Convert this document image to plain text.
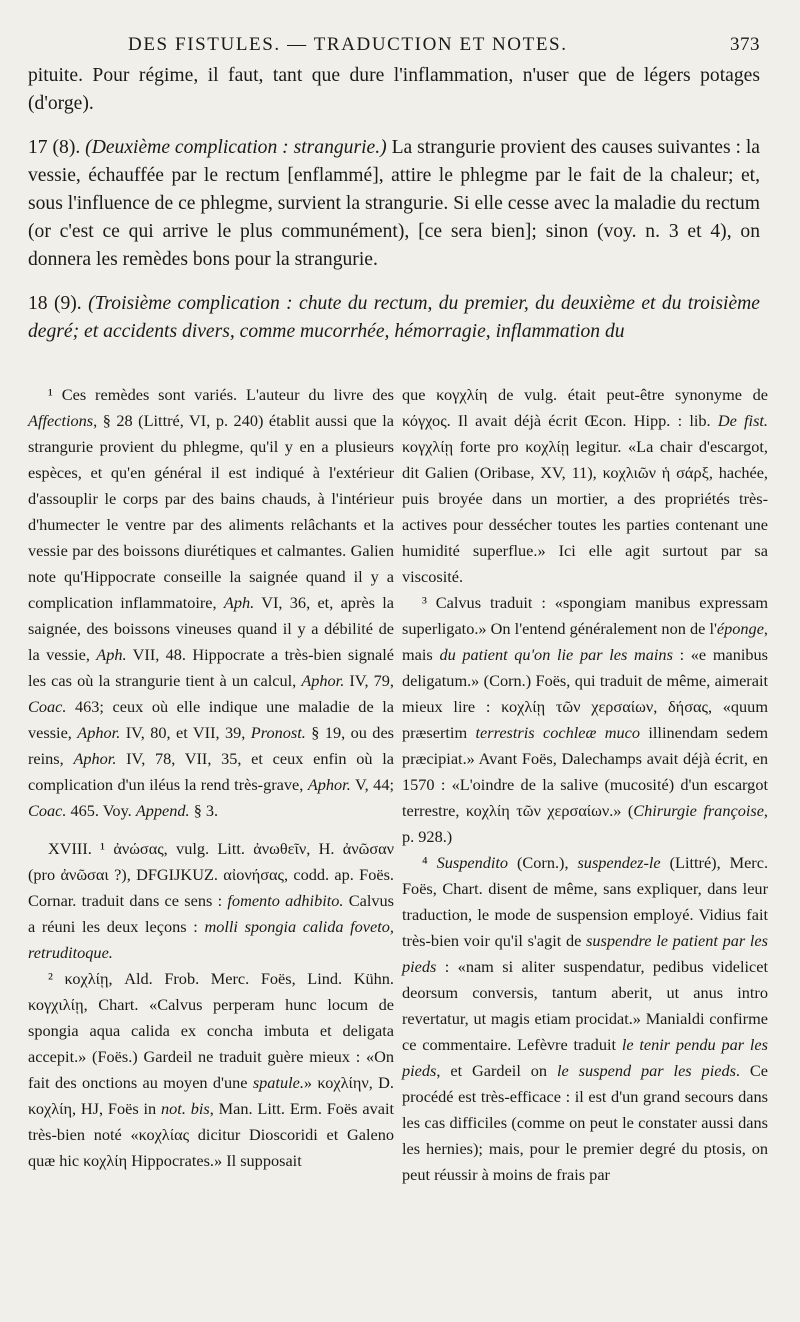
DES FISTULES. — TRADUCTION ET NOTES.	373

pituite. Pour régime, il faut, tant que dure l'inflammation, n'user que de légers potages (d'orge).

17 (8). (Deuxième complication : strangurie.) La strangurie provient des causes suivantes : la vessie, échauffée par le rectum [enflammé], attire le phlegme par le fait de la chaleur; et, sous l'influence de ce phlegme, survient la strangurie. Si elle cesse avec la maladie du rectum (or c'est ce qui arrive le plus communément), [ce sera bien]; sinon (voy. n. 3 et 4), on donnera les remèdes bons pour la strangurie.

18 (9). (Troisième complication : chute du rectum, du premier, du deuxième et du troisième degré; et accidents divers, comme mucorrhée, hémorragie, inflammation du

¹ Ces remèdes sont variés. L'auteur du livre des Affections, § 28 (Littré, VI, p. 240) établit aussi que la strangurie provient du phlegme, qu'il y en a plusieurs espèces, et qu'en général il est indiqué à l'extérieur d'assouplir le corps par des bains chauds, à l'intérieur d'humecter le ventre par des aliments relâchants et la vessie par des boissons diurétiques et calmantes. Galien note qu'Hippocrate conseille la saignée quand il y a complication inflammatoire, Aph. VI, 36, et, après la saignée, des boissons vineuses quand il y a débilité de la vessie, Aph. VII, 48. Hippocrate a très-bien signalé les cas où la strangurie tient à un calcul, Aphor. IV, 79, Coac. 463; ceux où elle indique une maladie de la vessie, Aphor. IV, 80, et VII, 39, Pronost. § 19, ou des reins, Aphor. IV, 78, VII, 35, et ceux enfin où la complication d'un iléus la rend très-grave, Aphor. V, 44; Coac. 465. Voy. Append. § 3.

XVIII. ¹ ἀνώσας, vulg. Litt. ἀνωθεῖν, H. ἀνῶσαν (pro ἀνῶσαι ?), DFGIJKUZ. αἰονήσας, codd. ap. Foës. Cornar. traduit dans ce sens : fomento adhibito. Calvus a réuni les deux leçons : molli spongia calida foveto, retruditoque.

² κοχλίῃ, Ald. Frob. Merc. Foës, Lind. Kühn. κογχιλίῃ, Chart. «Calvus perperam hunc locum de spongia aqua calida ex concha imbuta et deligata accepit.» (Foës.) Gardeil ne traduit guère mieux : «On fait des onctions au moyen d'une spatule.» κοχλίην, D. κοχλίη, HJ, Foës in not. bis, Man. Litt. Erm. Foës avait très-bien noté «κοχλίας dicitur Dioscoridi et Galeno quæ hic κοχλίη Hippocrates.» Il supposait

que κογχλίη de vulg. était peut-être synonyme de κόγχος. Il avait déjà écrit Œcon. Hipp. : lib. De fist. κογχλίῃ forte pro κοχλίῃ legitur. «La chair d'escargot, dit Galien (Oribase, XV, 11), κοχλιῶν ἡ σάρξ, hachée, puis broyée dans un mortier, a des propriétés très-actives pour dessécher toutes les parties contenant une humidité superflue.» Ici elle agit surtout par sa viscosité.

³ Calvus traduit : «spongiam manibus expressam superligato.» On l'entend généralement non de l'éponge, mais du patient qu'on lie par les mains : «e manibus deligatum.» (Corn.) Foës, qui traduit de même, aimerait mieux lire : κοχλίῃ τῶν χερσαίων, δήσας, «quum præsertim terrestris cochleæ muco illinendam sedem præcipiat.» Avant Foës, Dalechamps avait déjà écrit, en 1570 : «L'oindre de la salive (mucosité) d'un escargot terrestre, κοχλίη τῶν χερσαίων.» (Chirurgie françoise, p. 928.)

⁴ Suspendito (Corn.), suspendez-le (Littré), Merc. Foës, Chart. disent de même, sans expliquer, dans leur traduction, le mode de suspension employé. Vidius fait très-bien voir qu'il s'agit de suspendre le patient par les pieds : «nam si aliter suspendatur, pedibus videlicet deorsum conversis, tantum aberit, ut anus intro revertatur, ut magis etiam procidat.» Manialdi confirme ce commentaire. Lefèvre traduit le tenir pendu par les pieds, et Gardeil on le suspend par les pieds. Ce procédé est très-efficace : il est d'un grand secours dans les cas difficiles (comme on peut le constater aussi dans les hernies); mais, pour le premier degré du ptosis, on peut réussir à moins de frais par
